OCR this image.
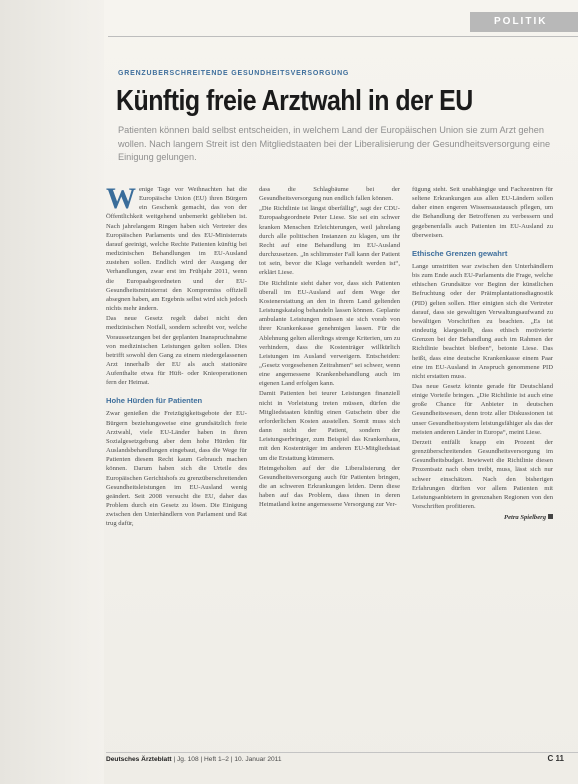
POLITIK
GRENZÜBERSCHREITENDE GESUNDHEITSVERSORGUNG
Künftig freie Arztwahl in der EU

Patienten können bald selbst entscheiden, in welchem Land der Europäischen Union sie zum Arzt gehen wollen. Nach langem Streit ist den Mitgliedstaaten bei der Liberalisierung der Gesundheitsversorgung eine Einigung gelungen.

Wenige Tage vor Weihnachten hat die Europäische Union (EU) ihren Bürgern ein Geschenk gemacht, das von der Öffentlichkeit weitgehend unbemerkt geblieben ist. Nach jahrelangem Ringen haben sich Vertreter des Europäischen Parlaments und des EU-Ministerrats darauf geeinigt, welche Rechte Patienten künftig bei medizinischen Behandlungen im EU-Ausland zustehen sollen. Endlich wird der Ausgang der Verhandlungen, zwar erst im Frühjahr 2011, wenn die Europaabgeordneten und der EU-Gesundheitsministerrat den Kompromiss offiziell absegnen haben, am Ergebnis selbst wird sich jedoch nichts mehr ändern.

Das neue Gesetz regelt dabei nicht den medizinischen Notfall, sondern schreibt vor, welche Voraussetzungen bei der geplanten Inanspruchnahme von medizinischen Leistungen gelten sollen. Dies betrifft sowohl den Gang zu einem niedergelassenen Arzt innerhalb der EU als auch stationäre Aufenthalte etwa für Hüft- oder Knieoperationen fern der Heimat.

Hohe Hürden für Patienten

Zwar genießen die Freizügigkeitsgebote der EU-Bürgern beziehungsweise eine grundsätzlich freie Arztwahl, viele EU-Länder haben in ihren Sozialgesetzgebung aber dem hohe Hürden für Auslandsbehandlungen eingebaut, dass die Wege für Patienten diesem Recht kaum Gebrauch machen können. Darum haben sich die Urteile des Europäischen Gerichtshofs zu grenzüberschreitenden Gesundheitsleistungen im EU-Ausland wenig geändert. Seit 2008 versucht die EU, daher das Problem durch ein Gesetz zu lösen. Die Einigung zwischen den Unterhändlern von Parlament und Rat trug dafür,

dass die Schlagbäume bei der Gesundheitsversorgung nun endlich fallen können.

„Die Richtlinie ist längst überfällig“, sagt der CDU-Europaabgeordnete Peter Liese. Sie sei ein schwer kranken Menschen Erleichterungen, weil jahrelang durch alle politischen Instanzen zu klagen, um ihr Recht auf eine Behandlung im EU-Ausland durchzusetzen. „In schlimmster Fall kann der Patient tot sein, bevor die Klage verhandelt werden ist“, erklärt Liese.

Die Richtlinie sieht daher vor, dass sich Patienten überall im EU-Ausland auf dem Wege der Kostenerstattung an den in ihrem Land geltenden Leistungskatalog behandeln lassen können. Geplante ambulante Leistungen müssen sie sich vorab von ihrer Krankenkasse genehmigen lassen. Für die Ablehnung gelten allerdings strenge Kriterien, um zu verhindern, dass die Kostenträger willkürlich Leistungen im Ausland verweigern. Entscheiden: „Gesetz vorgesehenen Zeitrahmen“ sei schwer, wenn eine angemessene Krankenbehandlung auch im eigenen Land erfolgen kann.

Damit Patienten bei teurer Leistungen finanziell nicht in Vorleistung treten müssen, dürfen die Mitgliedstaaten künftig einen Gutschein über die erforderlichen Kosten ausstellen. Somit muss sich dann nicht der Patient, sondern der Leistungserbringer, zum Beispiel das Krankenhaus, mit den Kostenträger im anderen EU-Mitgliedstaat um die Erstattung kümmern.

Heimgeholten auf der die Liberalisierung der Gesundheitsversorgung auch für Patienten bringen, die an schweren Erkrankungen leiden. Denn diese haben auf das Problem, dass ihnen in deren Heimatland keine angemessene Versorgung zur Ver-

fügung steht. Seit unabhängige und Fachzentren für seltene Erkrankungen aus allen EU-Ländern sollen daher einen engeren Wissensaustausch pflegen, um die Behandlung der Betroffenen zu verbessern und gegebenenfalls auch Patienten im EU-Ausland zu überweisen.

Ethische Grenzen gewahrt

Lange umstritten war zwischen den Unterhändlern bis zum Ende auch EU-Parlaments die Frage, welche ethischen Grundsätze vor Beginn der künstlichen Befruchtung oder der Präimplantationsdiagnostik (PID) gelten sollen. Hier einigten sich die Vertreter darauf, dass sie gewaltigen Verwaltungsaufwand zu bewältigen Vorschriften zu beachten. „Es ist eindeutig klargestellt, dass ethisch motivierte Grenzen bei der Behandlung auch im Rahmen der Richtlinie beachtet bleiben“, betonte Liese. Das heißt, dass eine deutsche Krankenkasse einem Paar eine im EU-Ausland in Anspruch genommene PID nicht erstatten muss.

Das neue Gesetz könnte gerade für Deutschland einige Vorteile bringen. „Die Richtlinie ist auch eine große Chance für Anbieter in deutschen Gesundheitswesen, denn trotz aller Diskussionen ist unser Gesundheitssystem leistungsfähiger als das der meisten anderen Länder in Europa“, meint Liese.

Derzeit entfällt knapp ein Prozent der grenzüberschreitenden Gesundheitsversorgung im Gesundheitsbudget. Inwieweit die Richtlinie diesen Prozentsatz nach oben treibt, muss, lässt sich nur schwer einschätzen. Nach den bisherigen Erfahrungen dürften vor allem Patienten mit Leistungsanbietern in grenznahen Regionen von den Vorschriften profitieren.

Petra Spielberg
Deutsches Ärzteblatt | Jg. 108 | Heft 1–2 | 10. Januar 2011	C 11
